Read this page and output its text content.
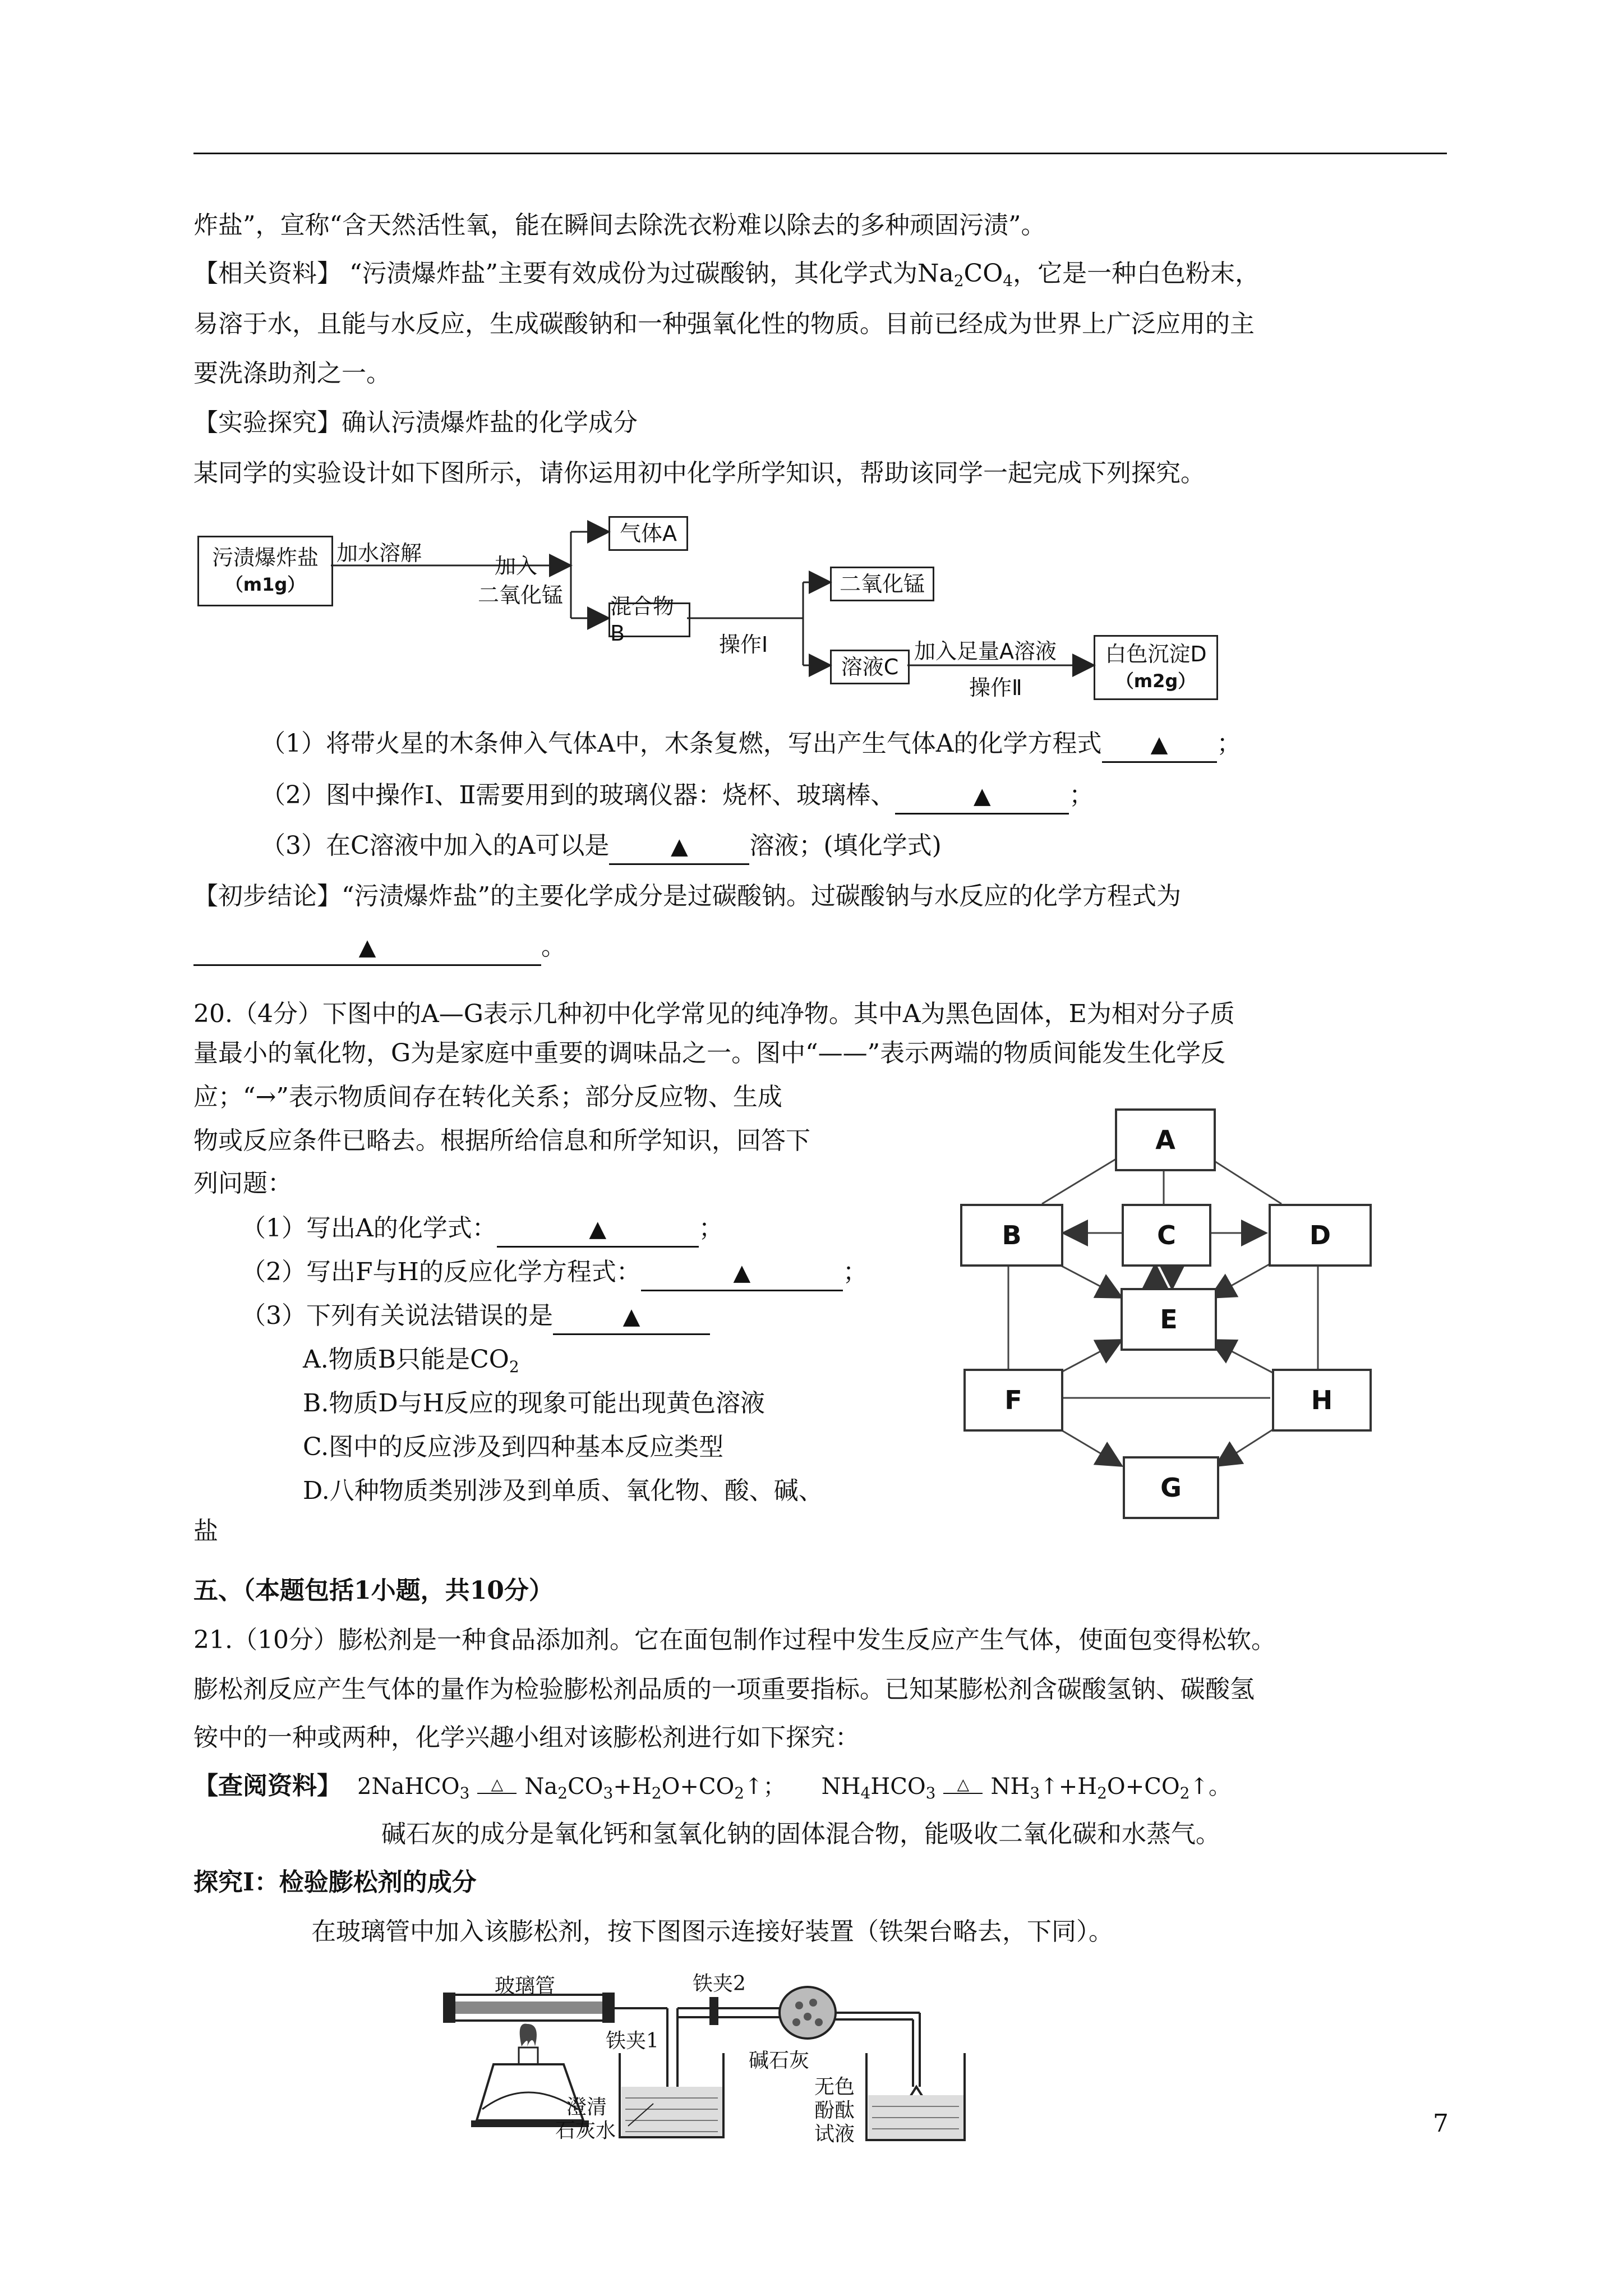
炸盐”，宣称“含天然活性氧，能在瞬间去除洗衣粉难以除去的多种顽固污渍”。
【相关资料】 “污渍爆炸盐”主要有效成份为过碳酸钠，其化学式为$Na_2CO_4$，它是一种白色粉末，
易溶于水，且能与水反应，生成碳酸钠和一种强氧化性的物质。目前已经成为世界上广泛应用的主
要洗涤助剂之一。
【实验探究】确认污渍爆炸盐的化学成分
某同学的实验设计如下图所示，请你运用初中化学所学知识，帮助该同学一起完成下列探究。
污渍爆炸盐
（m1g）
加水溶解
加入
二氧化锰
气体A
混合物B	操作Ⅰ
二氧化锰
溶液C
加入足量A溶液
操作Ⅱ
白色沉淀D
（m2g）
（1）将带火星的木条伸入气体A中，木条复燃，写出产生气体A的化学方程式 ▲ ；
（2）图中操作Ⅰ、Ⅱ需要用到的玻璃仪器：烧杯、玻璃棒、	▲	；
（3）在C溶液中加入的A可以是	▲ 溶液；(填化学式)
【初步结论】“污渍爆炸盐”的主要化学成分是过碳酸钠。过碳酸钠与水反应的化学方程式为
▲	。
20.（4分）下图中的A—G表示几种初中化学常见的纯净物。其中A为黑色固体，E为相对分子质
量最小的氧化物，G为是家庭中重要的调味品之一。图中“——”表示两端的物质间能发生化学反
应；“→”表示物质间存在转化关系；部分反应物、生成
物或反应条件已略去。根据所给信息和所学知识，回答下
列问题：
（1）写出A的化学式：	▲	；
（2）写出F与H的反应化学方程式：	▲	；
（3）下列有关说法错误的是	▲
A.物质B只能是$CO_2$
B.物质D与H反应的现象可能出现黄色溶液
C.图中的反应涉及到四种基本反应类型
D.八种物质类别涉及到单质、氧化物、酸、碱、
盐
A
B	C	D
E
F	H
G
五、（本题包括1小题，共10分）
21.（10分）膨松剂是一种食品添加剂。它在面包制作过程中发生反应产生气体，使面包变得松软。
膨松剂反应产生气体的量作为检验膨松剂品质的一项重要指标。已知某膨松剂含碳酸氢钠、碳酸氢
铵中的一种或两种，化学兴趣小组对该膨松剂进行如下探究：
【查阅资料】 2NaHCO$_3$ △ $Na_2CO_3+H_2O+CO_2↑$； $NH_4HCO_3$ △ $NH_3↑+H_2O+CO_2↑$。
碱石灰的成分是氧化钙和氢氧化钠的固体混合物，能吸收二氧化碳和水蒸气。
探究Ⅰ：检验膨松剂的成分
在玻璃管中加入该膨松剂，按下图图示连接好装置（铁架台略去，下同）。
玻璃管	铁夹2
铁夹1
碱石灰
澄清
石灰水
无色
酚酞
试液	7
